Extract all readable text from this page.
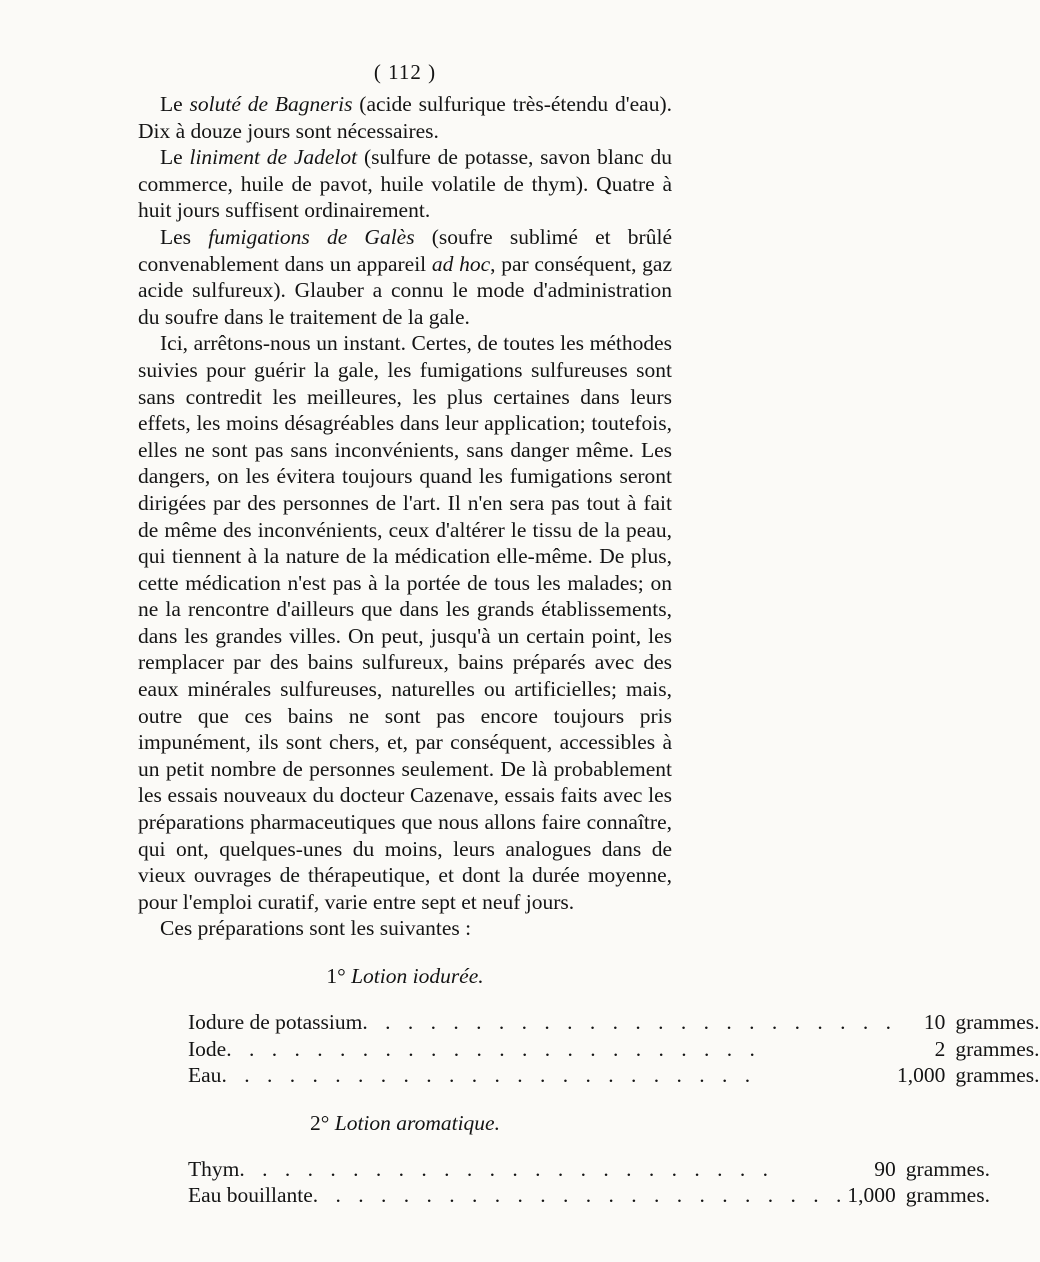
( 112 )

Le soluté de Bagneris (acide sulfurique très-étendu d'eau). Dix à douze jours sont nécessaires.

Le liniment de Jadelot (sulfure de potasse, savon blanc du commerce, huile de pavot, huile volatile de thym). Quatre à huit jours suffisent ordinairement.

Les fumigations de Galès (soufre sublimé et brûlé convenablement dans un appareil ad hoc, par conséquent, gaz acide sulfureux). Glauber a connu le mode d'administration du soufre dans le traitement de la gale.

Ici, arrêtons-nous un instant. Certes, de toutes les méthodes suivies pour guérir la gale, les fumigations sulfureuses sont sans contredit les meilleures, les plus certaines dans leurs effets, les moins désagréables dans leur application; toutefois, elles ne sont pas sans inconvénients, sans danger même. Les dangers, on les évitera toujours quand les fumigations seront dirigées par des personnes de l'art. Il n'en sera pas tout à fait de même des inconvénients, ceux d'altérer le tissu de la peau, qui tiennent à la nature de la médication elle-même. De plus, cette médication n'est pas à la portée de tous les malades; on ne la rencontre d'ailleurs que dans les grands établissements, dans les grandes villes. On peut, jusqu'à un certain point, les remplacer par des bains sulfureux, bains préparés avec des eaux minérales sulfureuses, naturelles ou artificielles; mais, outre que ces bains ne sont pas encore toujours pris impunément, ils sont chers, et, par conséquent, accessibles à un petit nombre de personnes seulement. De là probablement les essais nouveaux du docteur Cazenave, essais faits avec les préparations pharmaceutiques que nous allons faire connaître, qui ont, quelques-unes du moins, leurs analogues dans de vieux ouvrages de thérapeutique, et dont la durée moyenne, pour l'emploi curatif, varie entre sept et neuf jours.

Ces préparations sont les suivantes :

1° Lotion iodurée.
Iodure de potassium. . . . . . . . . . . . . . . . . . . . . . . .	10	grammes.
Iode. . . . . . . . . . . . . . . . . . . . . . . .	2	grammes.
Eau. . . . . . . . . . . . . . . . . . . . . . . .	1,000	grammes.
2° Lotion aromatique.
Thym. . . . . . . . . . . . . . . . . . . . . . . .	90	grammes.
Eau bouillante. . . . . . . . . . . . . . . . . . . . . . . .	1,000	grammes.
